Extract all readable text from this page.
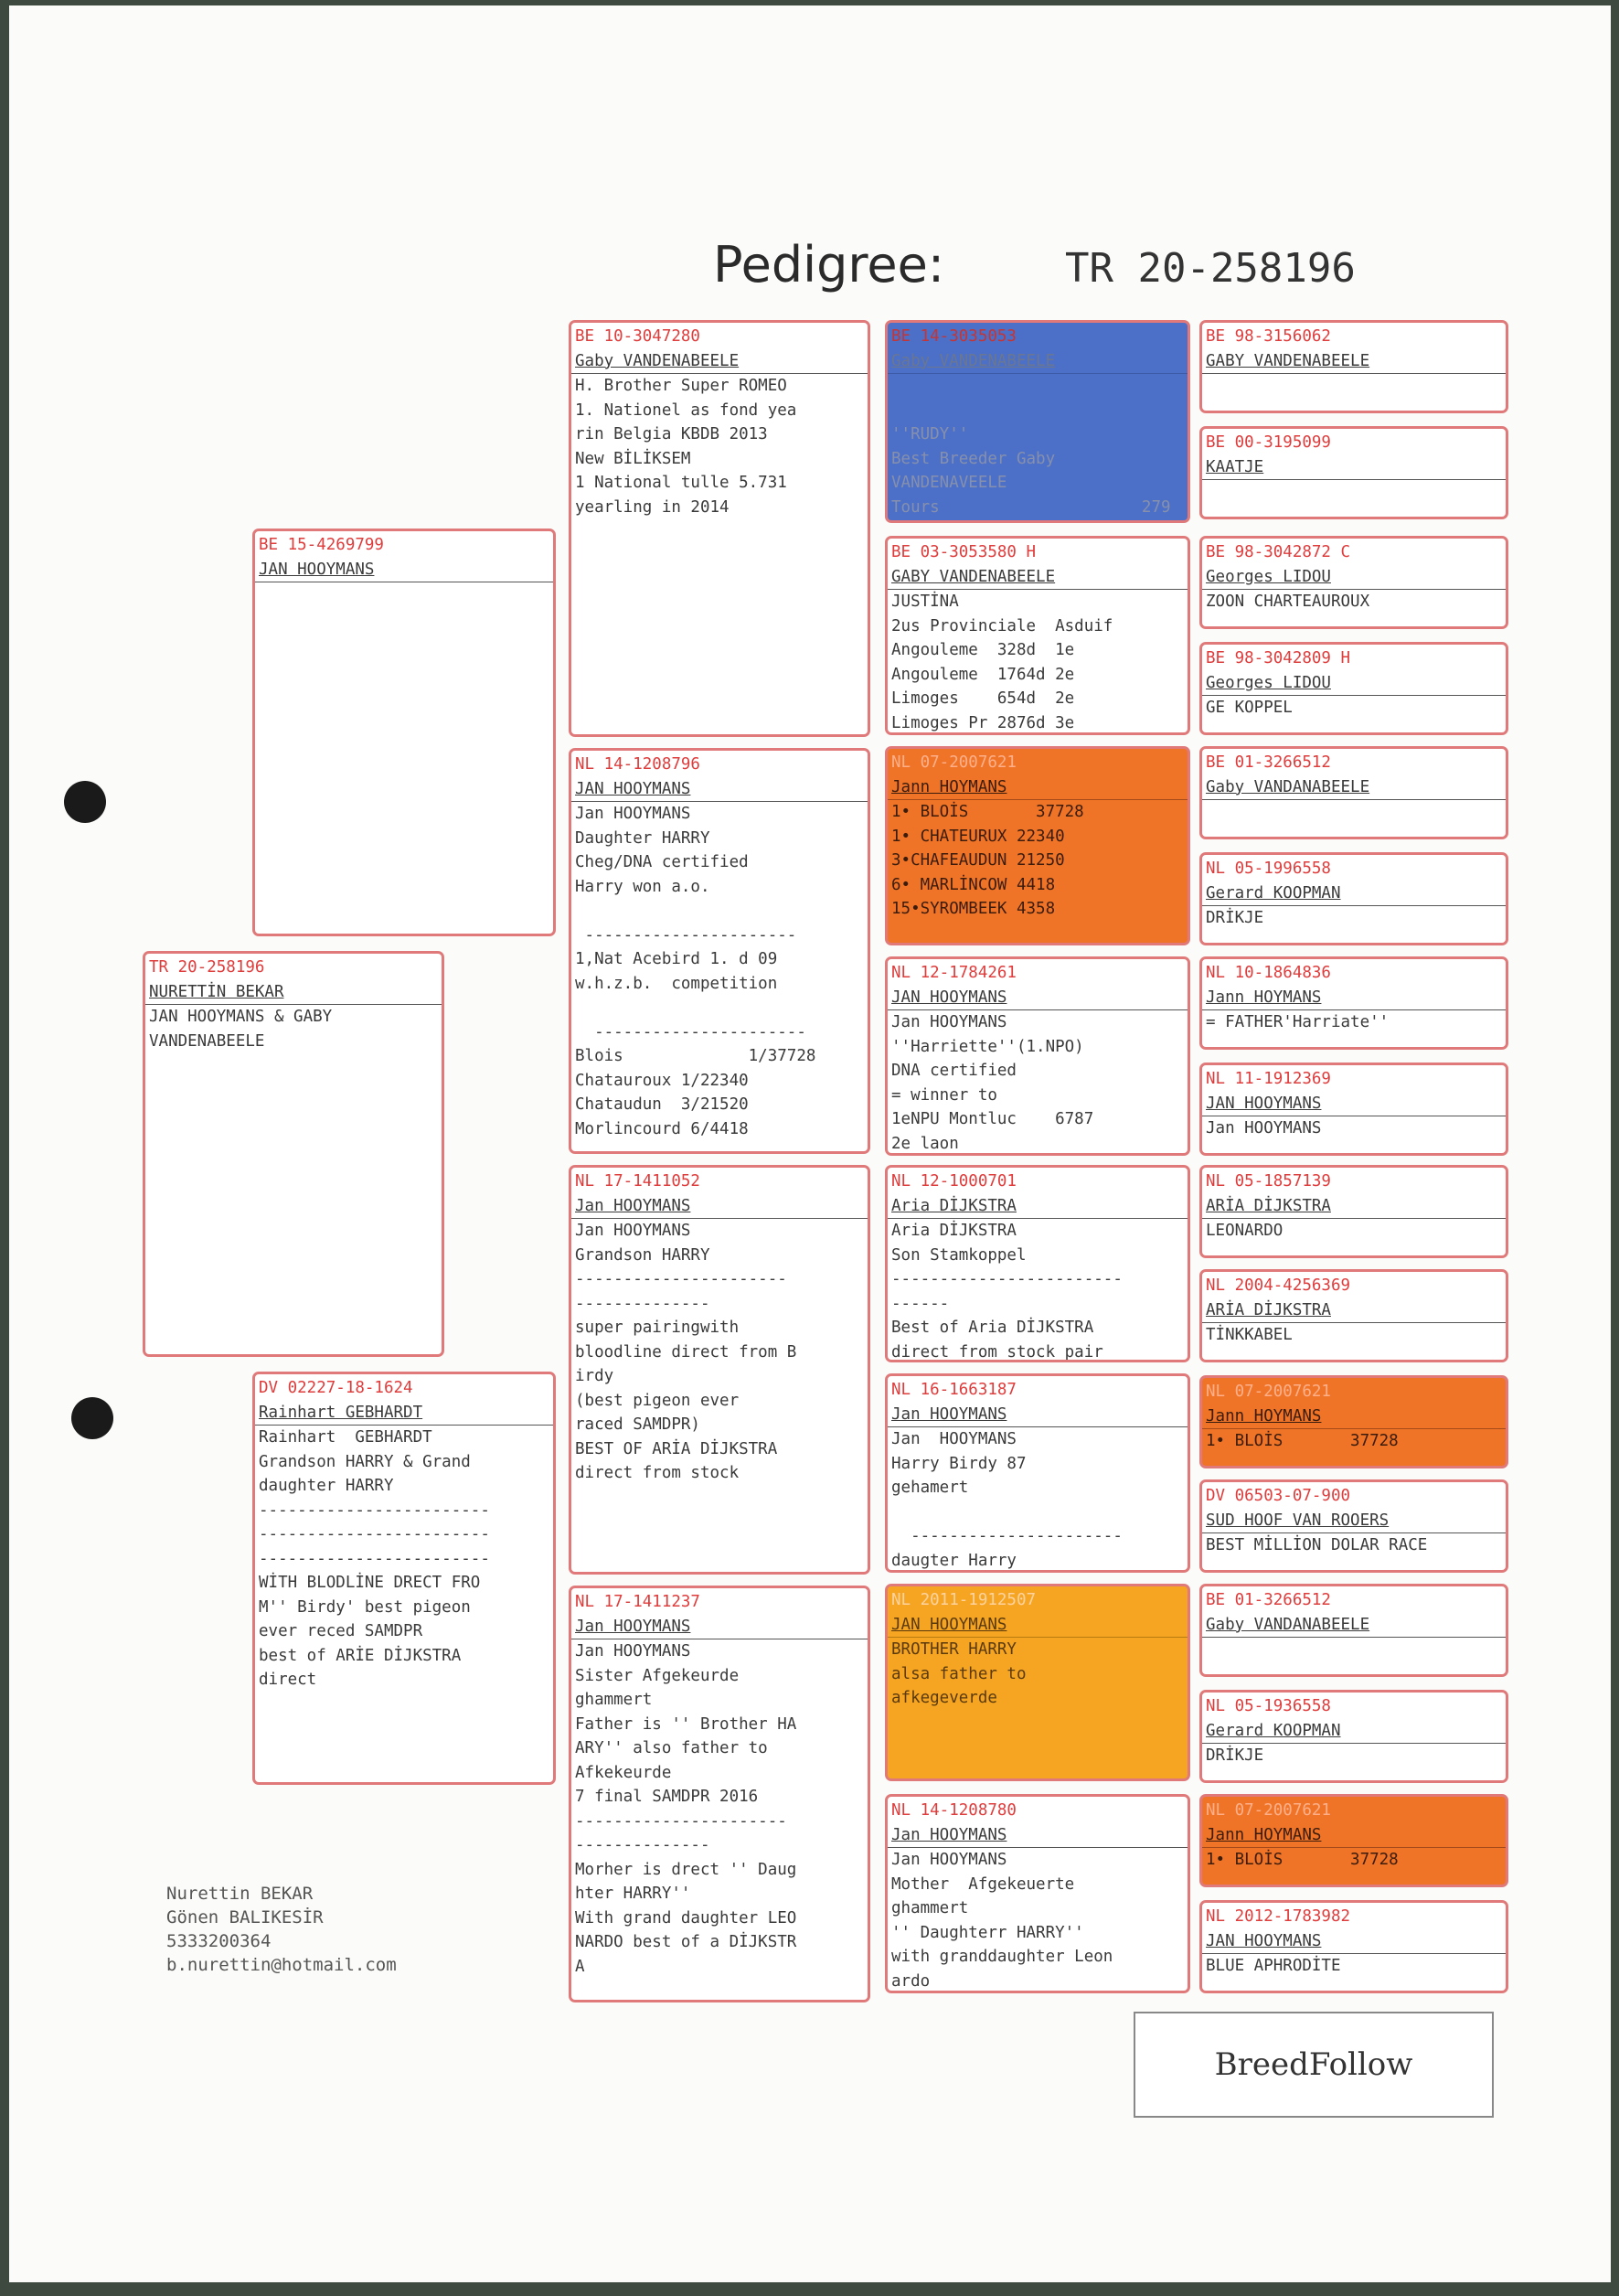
Pedigree:	TR 20-258196
TR 20-258196
NURETTİN BEKAR
JAN HOOYMANS & GABY
VANDENABEELE
BE 15-4269799
JAN HOOYMANS
DV 02227-18-1624
Rainhart GEBHARDT
Rainhart  GEBHARDT
Grandson HARRY & Grand
daughter HARRY
------------------------
------------------------
------------------------
WİTH BLODLİNE DRECT FRO
M'' Birdy' best pigeon
ever reced SAMDPR
best of ARİE DİJKSTRA
direct
BE 10-3047280
Gaby VANDENABEELE
H. Brother Super ROMEO
1. Nationel as fond yea
rin Belgia KBDB 2013
New BİLİKSEM
1 National tulle 5.731
yearling in 2014
NL 14-1208796
JAN HOOYMANS
Jan HOOYMANS
Daughter HARRY
Cheg/DNA certified
Harry won a.o.

----------------------
1,Nat Acebird 1. d 09
w.h.z.b.  competition

----------------------
Blois             1/37728
Chatauroux 1/22340
Chataudun  3/21520
Morlincourd 6/4418
NL 17-1411052
Jan HOOYMANS
Jan HOOYMANS
Grandson HARRY
----------------------
--------------
super pairingwith
bloodline direct from B
irdy
(best pigeon ever
raced SAMDPR)
BEST OF ARİA DİJKSTRA
direct from stock
NL 17-1411237
Jan HOOYMANS
Jan HOOYMANS
Sister Afgekeurde
ghammert
Father is '' Brother HA
ARY'' also father to
Afkekeurde
7 final SAMDPR 2016
----------------------
--------------
Morher is drect '' Daug
hter HARRY''
With grand daughter LEO
NARDO best of a DİJKSTR
A
BE 14-3035053
Gaby VANDENABEELE

''RUDY''
Best Breeder Gaby
VANDENAVEELE
Tours                     279
BE 03-3053580 H
GABY VANDENABEELE
JUSTİNA
2us Provinciale  Asduif
Angouleme  328d  1e
Angouleme  1764d 2e
Limoges    654d  2e
Limoges Pr 2876d 3e
NL 07-2007621
Jann HOYMANS
1• BLOİS       37728
1• CHATEURUX 22340
3•CHAFEAUDUN 21250
6• MARLİNCOW 4418
15•SYROMBEEK 4358
NL 12-1784261
JAN HOOYMANS
Jan HOOYMANS
''Harriette''(1.NPO)
DNA certified
= winner to
1eNPU Montluc    6787
2e laon
NL 12-1000701
Aria DİJKSTRA
Aria DİJKSTRA
Son Stamkoppel
------------------------
------
Best of Aria DİJKSTRA
direct from stock pair
NL 16-1663187
Jan HOOYMANS
Jan  HOOYMANS
Harry Birdy 87
gehamert

----------------------
daugter Harry
NL 2011-1912507
JAN HOOYMANS
BROTHER HARRY
alsa father to
afkegeverde
NL 14-1208780
Jan HOOYMANS
Jan HOOYMANS
Mother  Afgekeuerte
ghammert
'' Daughterr HARRY''
with granddaughter Leon
ardo
BE 98-3156062
GABY VANDENABEELE
BE 00-3195099
KAATJE
BE 98-3042872 C
Georges LIDOU
ZOON CHARTEAUROUX
BE 98-3042809 H
Georges LIDOU
GE KOPPEL
BE 01-3266512
Gaby VANDANABEELE
NL 05-1996558
Gerard KOOPMAN
DRİKJE
NL 10-1864836
Jann HOYMANS
= FATHER'Harriate''
NL 11-1912369
JAN HOOYMANS
Jan HOOYMANS
NL 05-1857139
ARİA DİJKSTRA
LEONARDO
NL 2004-4256369
ARİA DİJKSTRA
TİNKKABEL
NL 07-2007621
Jann HOYMANS
1• BLOİS       37728
DV 06503-07-900
SUD HOOF VAN ROOERS
BEST MİLLİON DOLAR RACE
BE 01-3266512
Gaby VANDANABEELE
NL 05-1936558
Gerard KOOPMAN
DRİKJE
NL 07-2007621
Jann HOYMANS
1• BLOİS       37728
NL 2012-1783982
JAN HOOYMANS
BLUE APHRODİTE
Nurettin BEKAR
Gönen BALIKESİR
5333200364
b.nurettin@hotmail.com
BreedFollow
